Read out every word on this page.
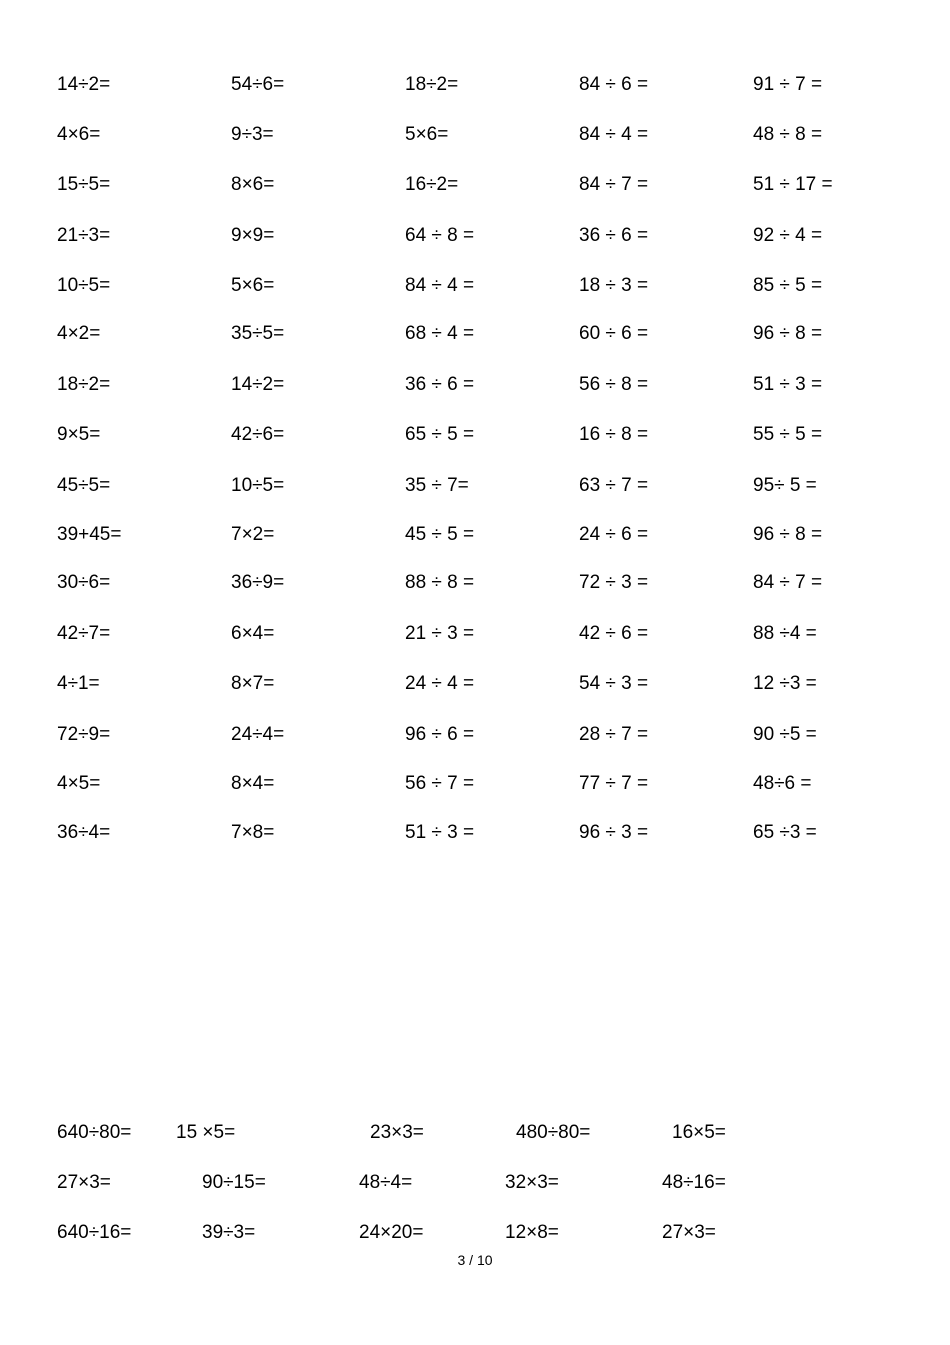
14÷2=	54÷6=	18÷2=	84 ÷ 6 =	91 ÷ 7 =
4×6=	9÷3=	5×6=	84 ÷ 4 =	48 ÷ 8 =
15÷5=	8×6=	16÷2=	84 ÷ 7 =	51 ÷ 17 =
21÷3=	9×9=	64 ÷ 8 =	36 ÷ 6 =	92 ÷ 4 =
10÷5=	5×6=	84 ÷ 4 =	18 ÷ 3 =	85 ÷ 5 =
4×2=	35÷5=	68 ÷ 4 =	60 ÷ 6 =	96 ÷ 8 =
18÷2=	14÷2=	36 ÷ 6 =	56 ÷ 8 =	51 ÷ 3 =
9×5=	42÷6=	65 ÷ 5 =	16 ÷ 8 =	55 ÷ 5 =
45÷5=	10÷5=	35 ÷ 7=	63 ÷ 7 =	95÷ 5 =
39+45=	7×2=	45 ÷ 5 =	24 ÷ 6 =	96 ÷ 8 =
30÷6=	36÷9=	88 ÷ 8 =	72 ÷ 3 =	84 ÷ 7 =
42÷7=	6×4=	21 ÷ 3 =	42 ÷ 6 =	88 ÷4 =
4÷1=	8×7=	24 ÷ 4 =	54 ÷ 3 =	12 ÷3 =
72÷9=	24÷4=	96 ÷ 6 =	28 ÷ 7 =	90 ÷5 =
4×5=	8×4=	56 ÷ 7 =	77 ÷ 7 =	48÷6 =
36÷4=	7×8=	51 ÷ 3 =	96 ÷ 3 =	65 ÷3 =
640÷80= 15 ×5=	23×3=	480÷80=	16×5=
27×3=	90÷15=	48÷4=	32×3=	48÷16=
640÷16=	39÷3=	24×20=	12×8=	27×3=
3 / 10
